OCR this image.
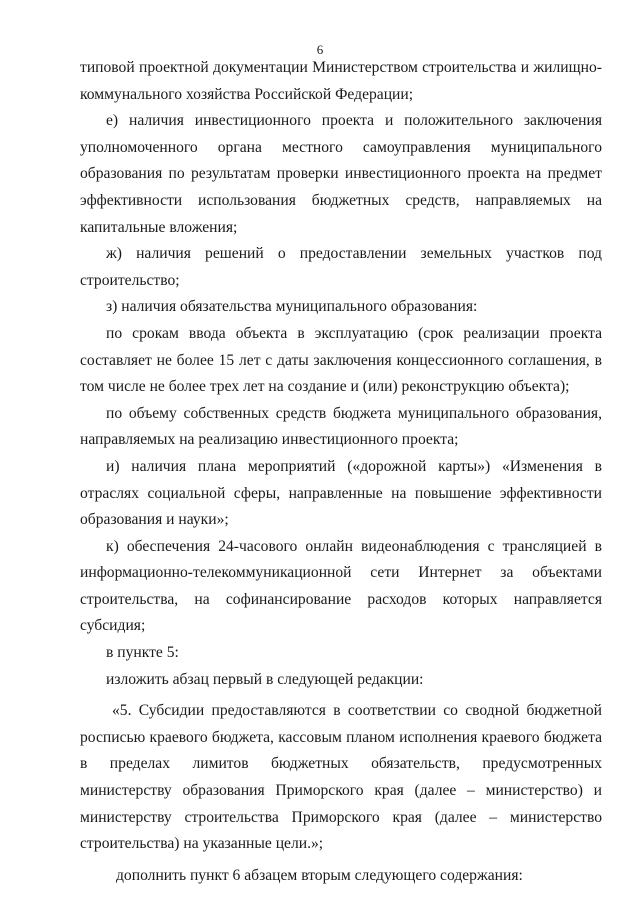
6

типовой проектной документации Министерством строительства и жилищно-коммунального хозяйства Российской Федерации;

е) наличия инвестиционного проекта и положительного заключения уполномоченного органа местного самоуправления муниципального образования по результатам проверки инвестиционного проекта на предмет эффективности использования бюджетных средств, направляемых на капитальные вложения;

ж) наличия решений о предоставлении земельных участков под строительство;

з) наличия обязательства муниципального образования:

по срокам ввода объекта в эксплуатацию (срок реализации проекта составляет не более 15 лет с даты заключения концессионного соглашения, в том числе не более трех лет на создание и (или) реконструкцию объекта);

по объему собственных средств бюджета муниципального образования, направляемых на реализацию инвестиционного проекта;

и) наличия плана мероприятий («дорожной карты») «Изменения в отраслях социальной сферы, направленные на повышение эффективности образования и науки»;

к) обеспечения 24-часового онлайн видеонаблюдения с трансляцией в информационно-телекоммуникационной сети Интернет за объектами строительства, на софинансирование расходов которых направляется субсидия;

в пункте 5:

изложить абзац первый в следующей редакции:

«5. Субсидии предоставляются в соответствии со сводной бюджетной росписью краевого бюджета, кассовым планом исполнения краевого бюджета в пределах лимитов бюджетных обязательств, предусмотренных министерству образования Приморского края (далее – министерство) и министерству строительства Приморского края (далее – министерство строительства) на указанные цели.»;

дополнить пункт 6 абзацем вторым следующего содержания:
